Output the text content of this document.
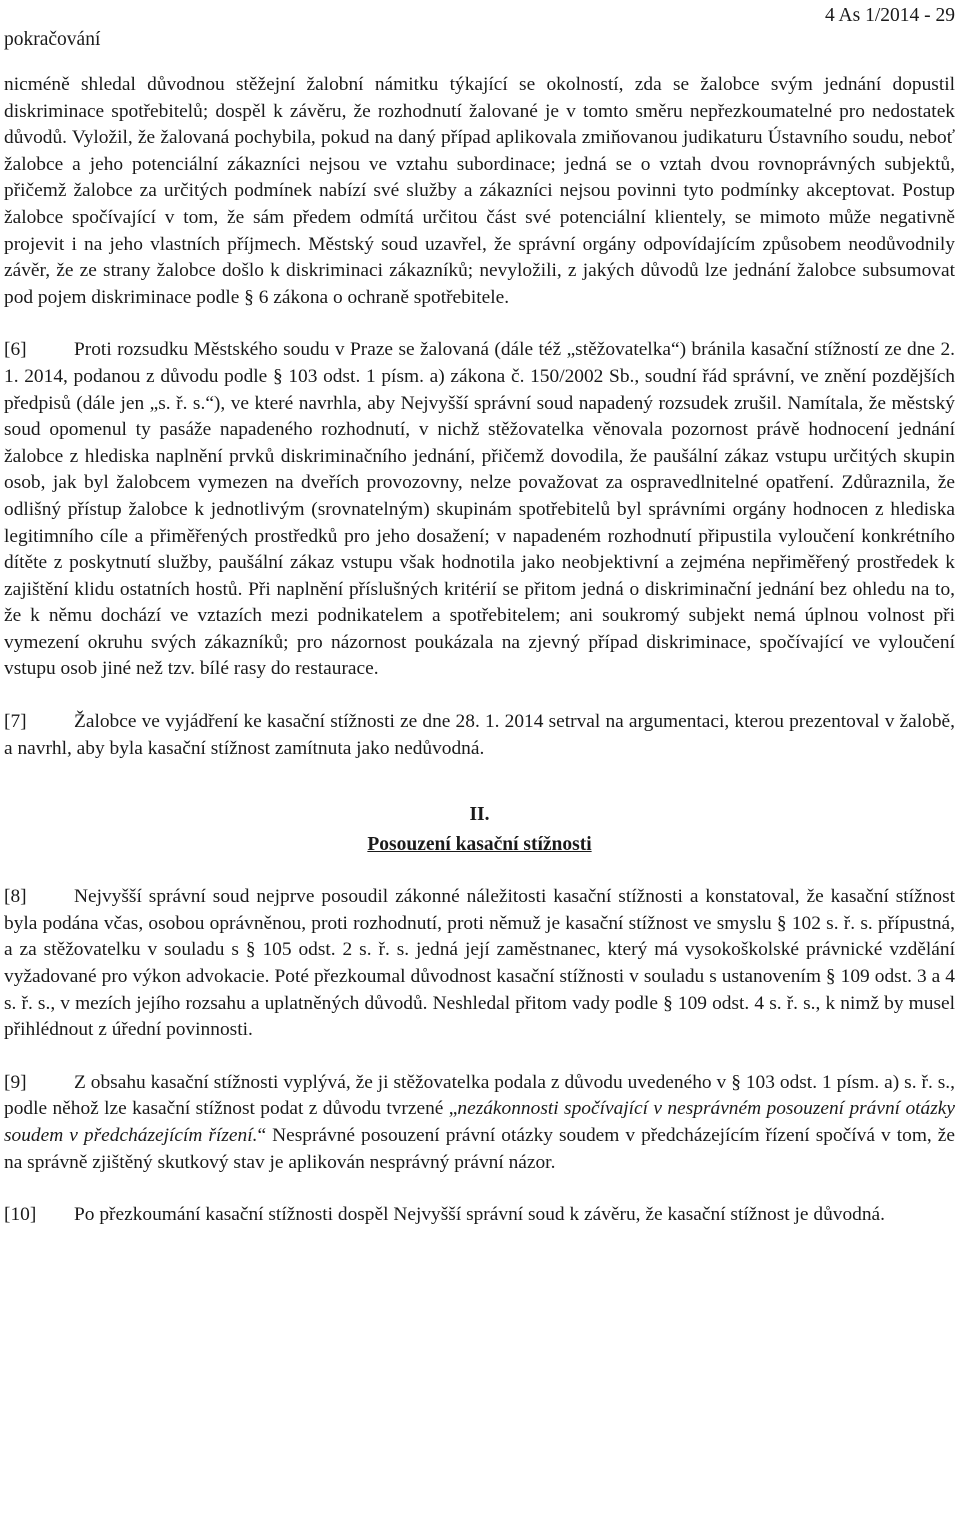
pokračování
4 As 1/2014 - 29

nicméně shledal důvodnou stěžejní žalobní námitku týkající se okolností, zda se žalobce svým jednání dopustil diskriminace spotřebitelů; dospěl k závěru, že rozhodnutí žalované je v tomto směru nepřezkoumatelné pro nedostatek důvodů. Vyložil, že žalovaná pochybila, pokud na daný případ aplikovala zmiňovanou judikaturu Ústavního soudu, neboť žalobce a jeho potenciální zákazníci nejsou ve vztahu subordinace; jedná se o vztah dvou rovnoprávných subjektů, přičemž žalobce za určitých podmínek nabízí své služby a zákazníci nejsou povinni tyto podmínky akceptovat. Postup žalobce spočívající v tom, že sám předem odmítá určitou část své potenciální klientely, se mimoto může negativně projevit i na jeho vlastních příjmech. Městský soud uzavřel, že správní orgány odpovídajícím způsobem neodůvodnily závěr, že ze strany žalobce došlo k diskriminaci zákazníků; nevyložili, z jakých důvodů lze jednání žalobce subsumovat pod pojem diskriminace podle § 6 zákona o ochraně spotřebitele.

[6] Proti rozsudku Městského soudu v Praze se žalovaná (dále též „stěžovatelka“) bránila kasační stížností ze dne 2. 1. 2014, podanou z důvodu podle § 103 odst. 1 písm. a) zákona č. 150/2002 Sb., soudní řád správní, ve znění pozdějších předpisů (dále jen „s. ř. s.“), ve které navrhla, aby Nejvyšší správní soud napadený rozsudek zrušil. Namítala, že městský soud opomenul ty pasáže napadeného rozhodnutí, v nichž stěžovatelka věnovala pozornost právě hodnocení jednání žalobce z hlediska naplnění prvků diskriminačního jednání, přičemž dovodila, že paušální zákaz vstupu určitých skupin osob, jak byl žalobcem vymezen na dveřích provozovny, nelze považovat za ospravedlnitelné opatření. Zdůraznila, že odlišný přístup žalobce k jednotlivým (srovnatelným) skupinám spotřebitelů byl správními orgány hodnocen z hlediska legitimního cíle a přiměřených prostředků pro jeho dosažení; v napadeném rozhodnutí připustila vyloučení konkrétního dítěte z poskytnutí služby, paušální zákaz vstupu však hodnotila jako neobjektivní a zejména nepřiměřený prostředek k zajištění klidu ostatních hostů. Při naplnění příslušných kritérií se přitom jedná o diskriminační jednání bez ohledu na to, že k němu dochází ve vztazích mezi podnikatelem a spotřebitelem; ani soukromý subjekt nemá úplnou volnost při vymezení okruhu svých zákazníků; pro názornost poukázala na zjevný případ diskriminace, spočívající ve vyloučení vstupu osob jiné než tzv. bílé rasy do restaurace.

[7] Žalobce ve vyjádření ke kasační stížnosti ze dne 28. 1. 2014 setrval na argumentaci, kterou prezentoval v žalobě, a navrhl, aby byla kasační stížnost zamítnuta jako nedůvodná.

II.
Posouzení kasační stížnosti

[8] Nejvyšší správní soud nejprve posoudil zákonné náležitosti kasační stížnosti a konstatoval, že kasační stížnost byla podána včas, osobou oprávněnou, proti rozhodnutí, proti němuž je kasační stížnost ve smyslu § 102 s. ř. s. přípustná, a za stěžovatelku v souladu s § 105 odst. 2 s. ř. s. jedná její zaměstnanec, který má vysokoškolské právnické vzdělání vyžadované pro výkon advokacie. Poté přezkoumal důvodnost kasační stížnosti v souladu s ustanovením § 109 odst. 3 a 4 s. ř. s., v mezích jejího rozsahu a uplatněných důvodů. Neshledal přitom vady podle § 109 odst. 4 s. ř. s., k nimž by musel přihlédnout z úřední povinnosti.

[9] Z obsahu kasační stížnosti vyplývá, že ji stěžovatelka podala z důvodu uvedeného v § 103 odst. 1 písm. a) s. ř. s., podle něhož lze kasační stížnost podat z důvodu tvrzené „nezákonnosti spočívající v nesprávném posouzení právní otázky soudem v předcházejícím řízení.“ Nesprávné posouzení právní otázky soudem v předcházejícím řízení spočívá v tom, že na správně zjištěný skutkový stav je aplikován nesprávný právní názor.

[10] Po přezkoumání kasační stížnosti dospěl Nejvyšší správní soud k závěru, že kasační stížnost je důvodná.
